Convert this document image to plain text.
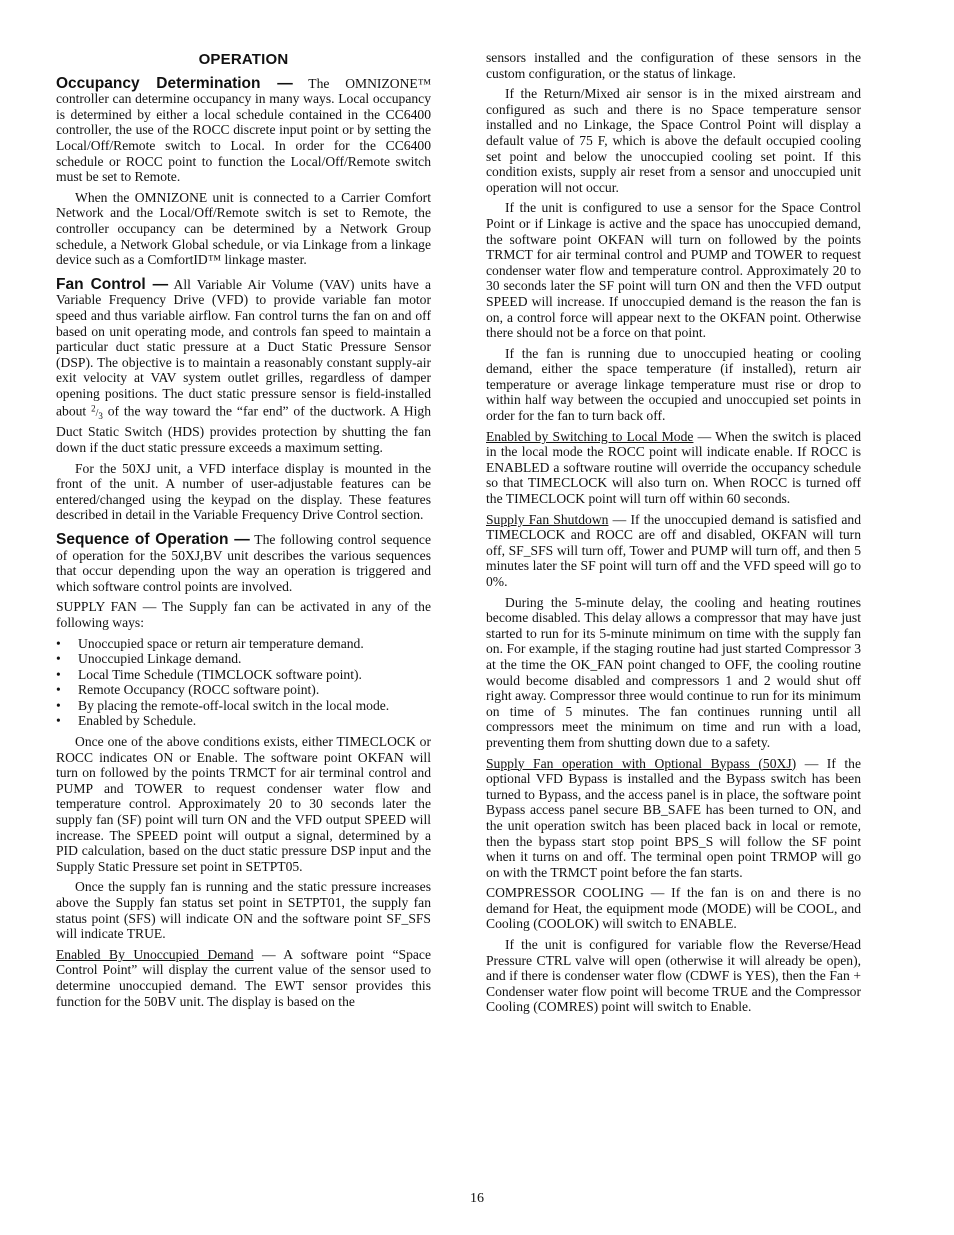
OPERATION

Occupancy Determination — The OMNIZONE™ controller can determine occupancy in many ways. Local occupancy is determined by either a local schedule contained in the CC6400 controller, the use of the ROCC discrete input point or by setting the Local/Off/Remote switch to Local. In order for the CC6400 schedule or ROCC point to function the Local/Off/Remote switch must be set to Remote.

When the OMNIZONE unit is connected to a Carrier Comfort Network and the Local/Off/Remote switch is set to Remote, the controller occupancy can be determined by a Network Group schedule, a Network Global schedule, or via Linkage from a linkage device such as a ComfortID™ linkage master.

Fan Control — All Variable Air Volume (VAV) units have a Variable Frequency Drive (VFD) to provide variable fan motor speed and thus variable airflow. Fan control turns the fan on and off based on unit operating mode, and controls fan speed to maintain a particular duct static pressure at a Duct Static Pressure Sensor (DSP). The objective is to maintain a reasonably constant supply-air exit velocity at VAV system outlet grilles, regardless of damper opening positions. The duct static pressure sensor is field-installed about $^2/_3$ of the way toward the “far end” of the ductwork. A High Duct Static Switch (HDS) provides protection by shutting the fan down if the duct static pressure exceeds a maximum setting.

For the 50XJ unit, a VFD interface display is mounted in the front of the unit. A number of user-adjustable features can be entered/changed using the keypad on the display. These features described in detail in the Variable Frequency Drive Control section.

Sequence of Operation — The following control sequence of operation for the 50XJ,BV unit describes the various sequences that occur depending upon the way an operation is triggered and which software control points are involved.

SUPPLY FAN — The Supply fan can be activated in any of the following ways:

• Unoccupied space or return air temperature demand.
• Unoccupied Linkage demand.
• Local Time Schedule (TIMCLOCK software point).
• Remote Occupancy (ROCC software point).
• By placing the remote-off-local switch in the local mode.
• Enabled by Schedule.

Once one of the above conditions exists, either TIMECLOCK or ROCC indicates ON or Enable. The software point OKFAN will turn on followed by the points TRMCT for air terminal control and PUMP and TOWER to request condenser water flow and temperature control. Approximately 20 to 30 seconds later the supply fan (SF) point will turn ON and the VFD output SPEED will increase. The SPEED point will output a signal, determined by a PID calculation, based on the duct static pressure DSP input and the Supply Static Pressure set point in SETPT05.

Once the supply fan is running and the static pressure increases above the Supply fan status set point in SETPT01, the supply fan status point (SFS) will indicate ON and the software point SF_SFS will indicate TRUE.

Enabled By Unoccupied Demand — A software point “Space Control Point” will display the current value of the sensor used to determine unoccupied demand. The EWT sensor provides this function for the 50BV unit. The display is based on the

sensors installed and the configuration of these sensors in the custom configuration, or the status of linkage.

If the Return/Mixed air sensor is in the mixed airstream and configured as such and there is no Space temperature sensor installed and no Linkage, the Space Control Point will display a default value of 75 F, which is above the default occupied cooling set point and below the unoccupied cooling set point. If this condition exists, supply air reset from a sensor and unoccupied unit operation will not occur.

If the unit is configured to use a sensor for the Space Control Point or if Linkage is active and the space has unoccupied demand, the software point OKFAN will turn on followed by the points TRMCT for air terminal control and PUMP and TOWER to request condenser water flow and temperature control. Approximately 20 to 30 seconds later the SF point will turn ON and then the VFD output SPEED will increase. If unoccupied demand is the reason the fan is on, a control force will appear next to the OKFAN point. Otherwise there should not be a force on that point.

If the fan is running due to unoccupied heating or cooling demand, either the space temperature (if installed), return air temperature or average linkage temperature must rise or drop to within half way between the occupied and unoccupied set points in order for the fan to turn back off.

Enabled by Switching to Local Mode — When the switch is placed in the local mode the ROCC point will indicate enable. If ROCC is ENABLED a software routine will override the occupancy schedule so that TIMECLOCK will also turn on. When ROCC is turned off the TIMECLOCK point will turn off within 60 seconds.

Supply Fan Shutdown — If the unoccupied demand is satisfied and TIMECLOCK and ROCC are off and disabled, OKFAN will turn off, SF_SFS will turn off, Tower and PUMP will turn off, and then 5 minutes later the SF point will turn off and the VFD speed will go to 0%.

During the 5-minute delay, the cooling and heating routines become disabled. This delay allows a compressor that may have just started to run for its 5-minute minimum on time with the supply fan on. For example, if the staging routine had just started Compressor 3 at the time the OK_FAN point changed to OFF, the cooling routine would become disabled and compressors 1 and 2 would shut off right away. Compressor three would continue to run for its minimum on time of 5 minutes. The fan continues running until all compressors meet the minimum on time and run with a load, preventing them from shutting down due to a safety.

Supply Fan operation with Optional Bypass (50XJ) — If the optional VFD Bypass is installed and the Bypass switch has been turned to Bypass, and the access panel is in place, the software point Bypass access panel secure BB_SAFE has been turned to ON, and the unit operation switch has been placed back in local or remote, then the bypass start stop point BPS_S will follow the SF point when it turns on and off. The terminal open point TRMOP will go on with the TRMCT point before the fan starts.

COMPRESSOR COOLING — If the fan is on and there is no demand for Heat, the equipment mode (MODE) will be COOL, and Cooling (COOLOK) will switch to ENABLE.

If the unit is configured for variable flow the Reverse/Head Pressure CTRL valve will open (otherwise it will already be open), and if there is condenser water flow (CDWF is YES), then the Fan + Condenser water flow point will become TRUE and the Compressor Cooling (COMRES) point will switch to Enable.

16
